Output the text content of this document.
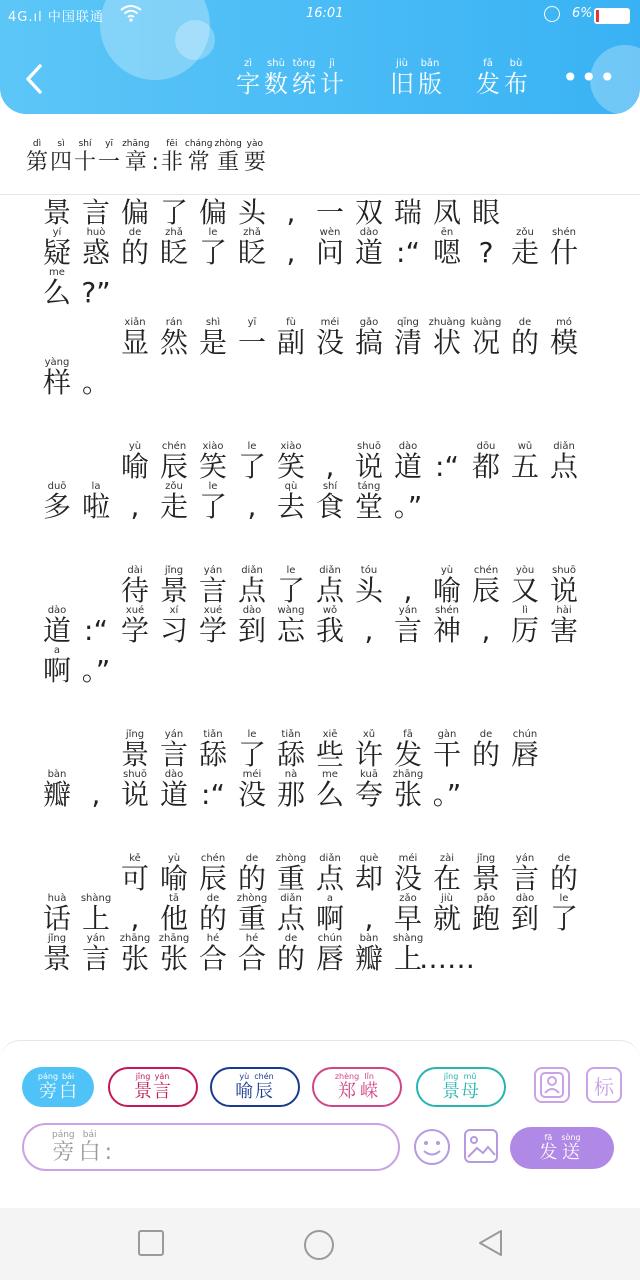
4G.ıl 中国联通	16:01	6%
zì
字
shù
数
tǒng
统
jì
计
jiù
旧
bǎn
版
fā
发
bù
布 •••
dì
第
sì
四
shí
十
yī
一
zhāng
章 :
fēi
非
cháng
常
zhòng
重
yào
要
景 言 偏 了 偏 头 , 一 双 瑞 凤 眼
yí
疑
huò
惑
de
的
zhǎ
眨
le
了
zhǎ
眨 ,
wèn
问
dào
道 :“
ēn
嗯 ?
zǒu
走
shén
什
me
么 ?”
xiǎn
显
rán
然
shì
是
yī
一
fù
副
méi
没
gǎo
搞
qīng
清
zhuàng
状
kuàng
况
de
的
mó
模
yàng
样 。
yù
喻
chén
辰
xiào
笑
le
了
xiào
笑 ,
shuō
说
dào
道 :“
dōu
都
wǔ
五
diǎn
点
duō
多
la
啦 ,
zǒu
走
le
了 ,
qù
去
shí
食
táng
堂 。”
dài
待
jǐng
景
yán
言
diǎn
点
le
了
diǎn
点
tóu
头 ,
yù
喻
chén
辰
yòu
又
shuō
说
dào
道 :“
xué
学
xí
习
xué
学
dào
到
wàng
忘
wǒ
我 ,
yán
言
shén
神 ,
lì
厉
hài
害
a
啊 。”
jǐng
景
yán
言
tiǎn
舔
le
了
tiǎn
舔
xiē
些
xǔ
许
fā
发
gàn
干
de
的
chún
唇
bàn
瓣 ,
shuō
说
dào
道 :“
méi
没
nà
那
me
么
kuā
夸
zhāng
张 。”
kě
可
yù
喻
chén
辰
de
的
zhòng
重
diǎn
点
què
却
méi
没
zài
在
jǐng
景
yán
言
de
的
huà
话
shàng
上 ,
tā
他
de
的
zhòng
重
diǎn
点
a
啊 ,
zǎo
早
jiù
就
pǎo
跑
dào
到
le
了
jǐng
景
yán
言
zhāng
张
zhāng
张
hé
合
hé
合
de
的
chún
唇
bàn
瓣
shàng
上
……
páng
旁
bái
白
jǐng
景
yán
言
yù
喻
chén
辰
zhèng
郑
lǐn
嵘
jǐng
景
mǔ
母	标
páng
旁
bái
白 :
fā
发
sòng
送
